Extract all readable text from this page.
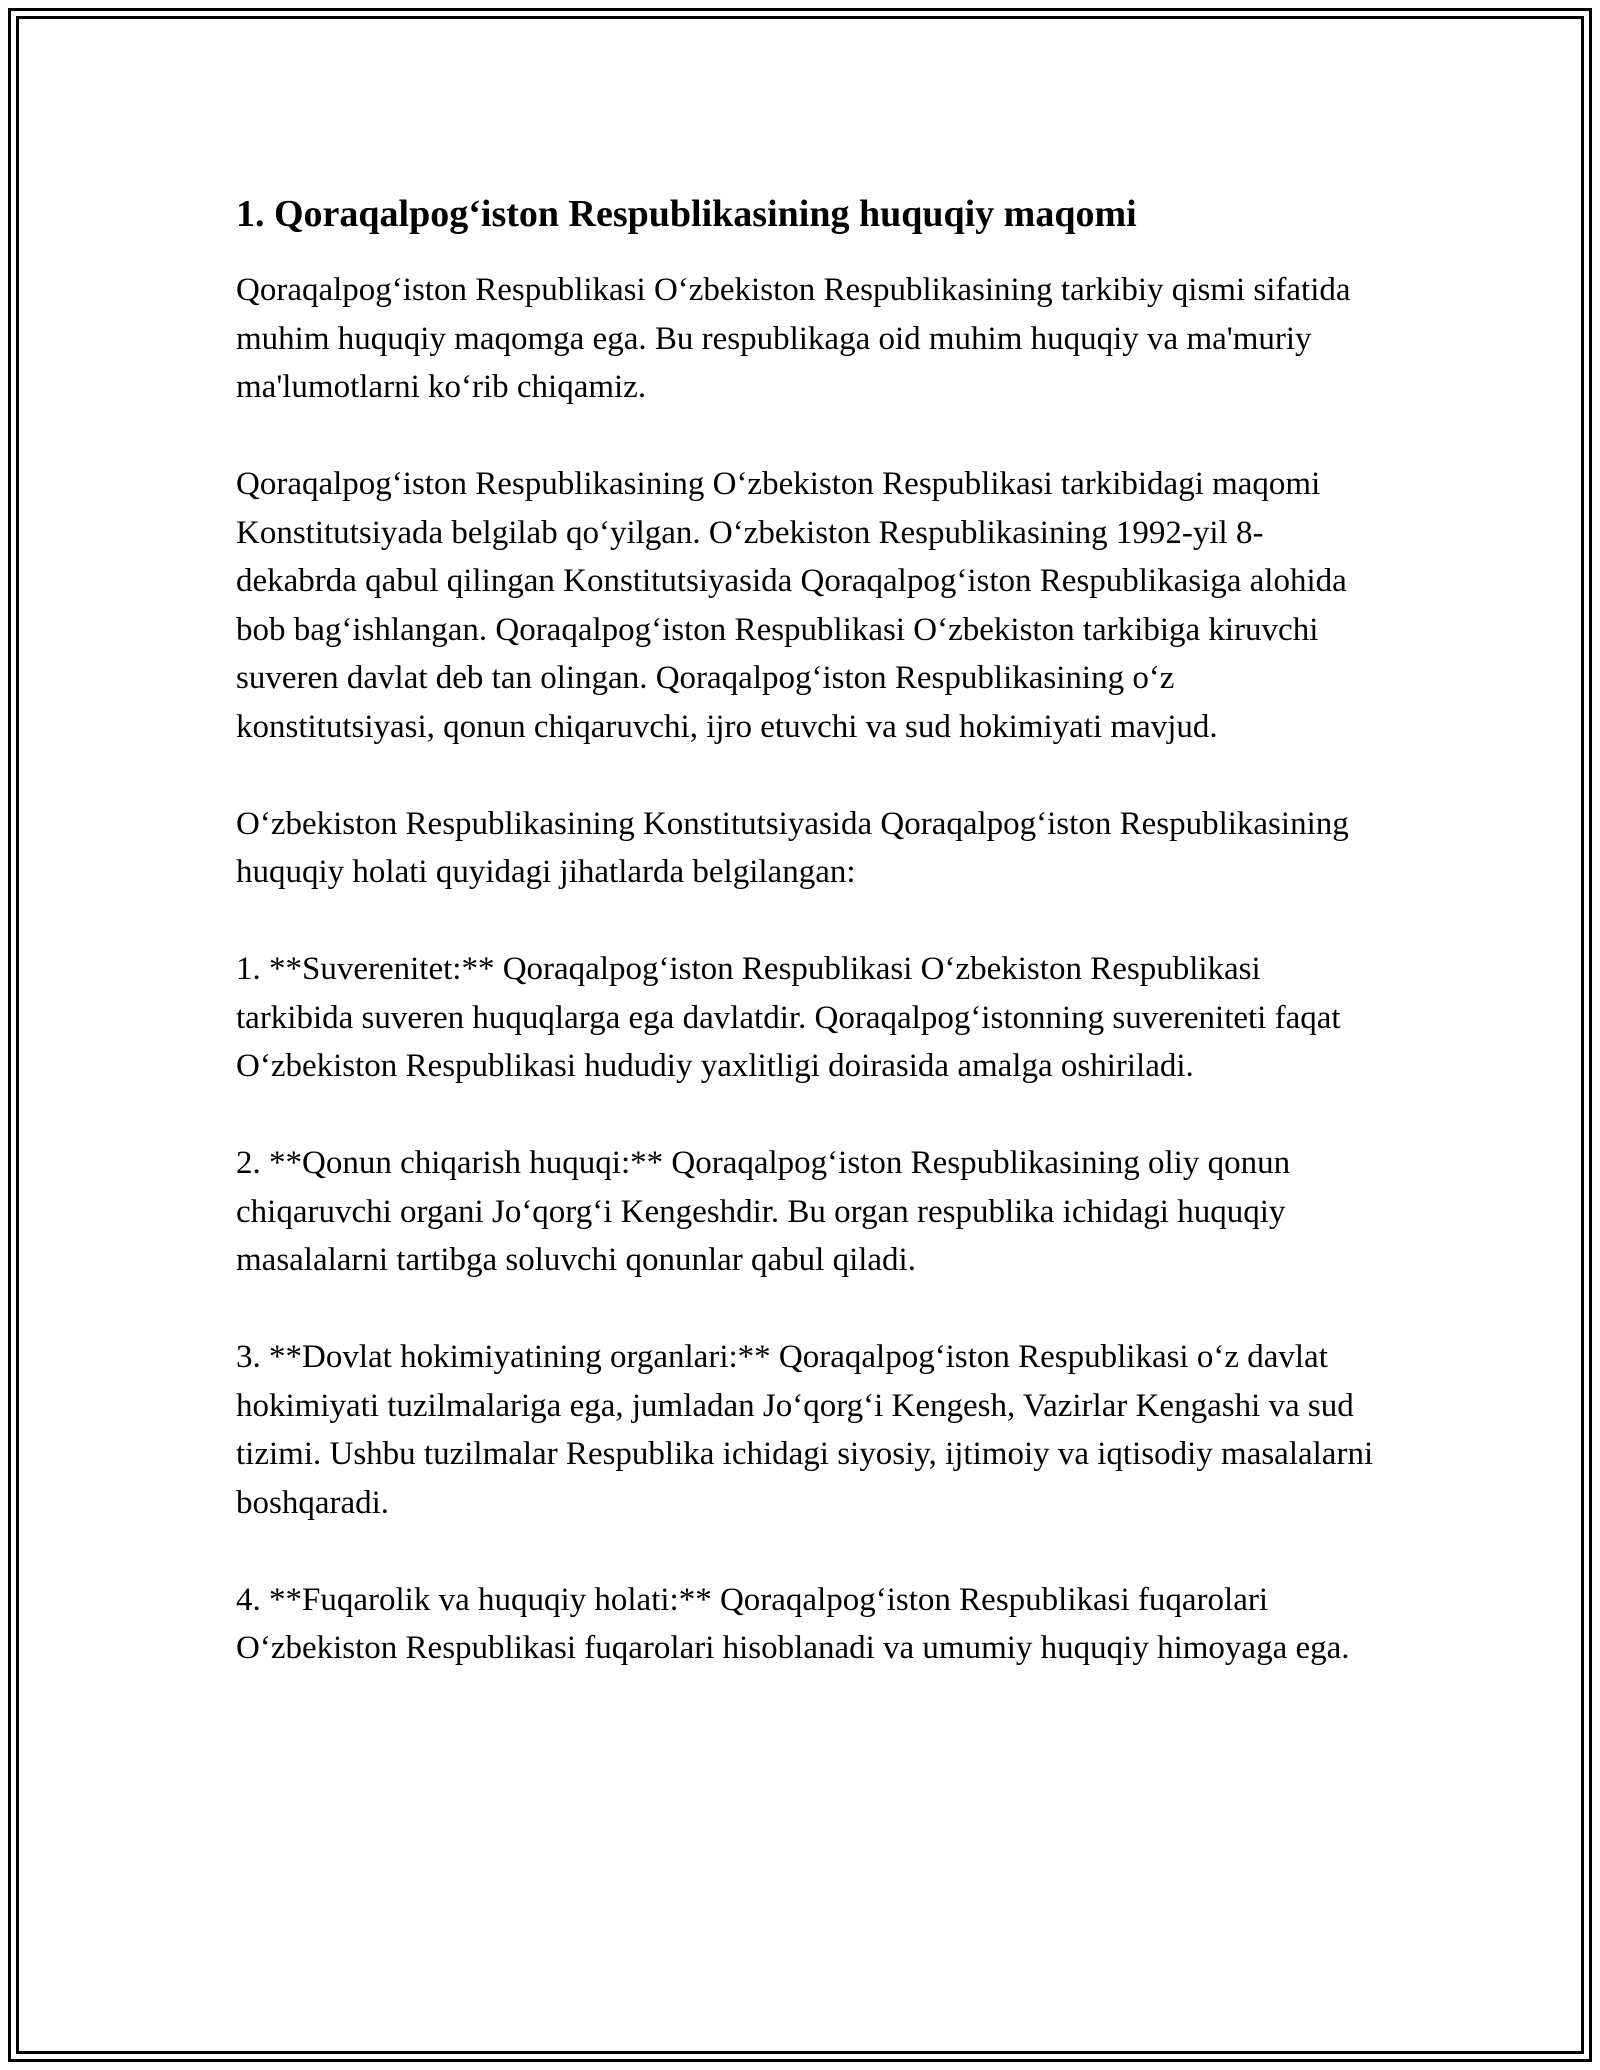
1. Qoraqalpog‘iston Respublikasining huquqiy maqomi

Qoraqalpog‘iston Respublikasi O‘zbekiston Respublikasining tarkibiy qismi sifatida muhim huquqiy maqomga ega. Bu respublikaga oid muhim huquqiy va ma'muriy ma'lumotlarni ko‘rib chiqamiz.

Qoraqalpog‘iston Respublikasining O‘zbekiston Respublikasi tarkibidagi maqomi Konstitutsiyada belgilab qo‘yilgan. O‘zbekiston Respublikasining 1992-yil 8-dekabrda qabul qilingan Konstitutsiyasida Qoraqalpog‘iston Respublikasiga alohida bob bag‘ishlangan. Qoraqalpog‘iston Respublikasi O‘zbekiston tarkibiga kiruvchi suveren davlat deb tan olingan. Qoraqalpog‘iston Respublikasining o‘z konstitutsiyasi, qonun chiqaruvchi, ijro etuvchi va sud hokimiyati mavjud.

O‘zbekiston Respublikasining Konstitutsiyasida Qoraqalpog‘iston Respublikasining huquqiy holati quyidagi jihatlarda belgilangan:

1. **Suverenitet:** Qoraqalpog‘iston Respublikasi O‘zbekiston Respublikasi tarkibida suveren huquqlarga ega davlatdir. Qoraqalpog‘istonning suvereniteti faqat O‘zbekiston Respublikasi hududiy yaxlitligi doirasida amalga oshiriladi.

2. **Qonun chiqarish huquqi:** Qoraqalpog‘iston Respublikasining oliy qonun chiqaruvchi organi Jo‘qorg‘i Kengeshdir. Bu organ respublika ichidagi huquqiy masalalarni tartibga soluvchi qonunlar qabul qiladi.

3. **Dovlat hokimiyatining organlari:** Qoraqalpog‘iston Respublikasi o‘z davlat hokimiyati tuzilmalariga ega, jumladan Jo‘qorg‘i Kengesh, Vazirlar Kengashi va sud tizimi. Ushbu tuzilmalar Respublika ichidagi siyosiy, ijtimoiy va iqtisodiy masalalarni boshqaradi.

4. **Fuqarolik va huquqiy holati:** Qoraqalpog‘iston Respublikasi fuqarolari O‘zbekiston Respublikasi fuqarolari hisoblanadi va umumiy huquqiy himoyaga ega.
